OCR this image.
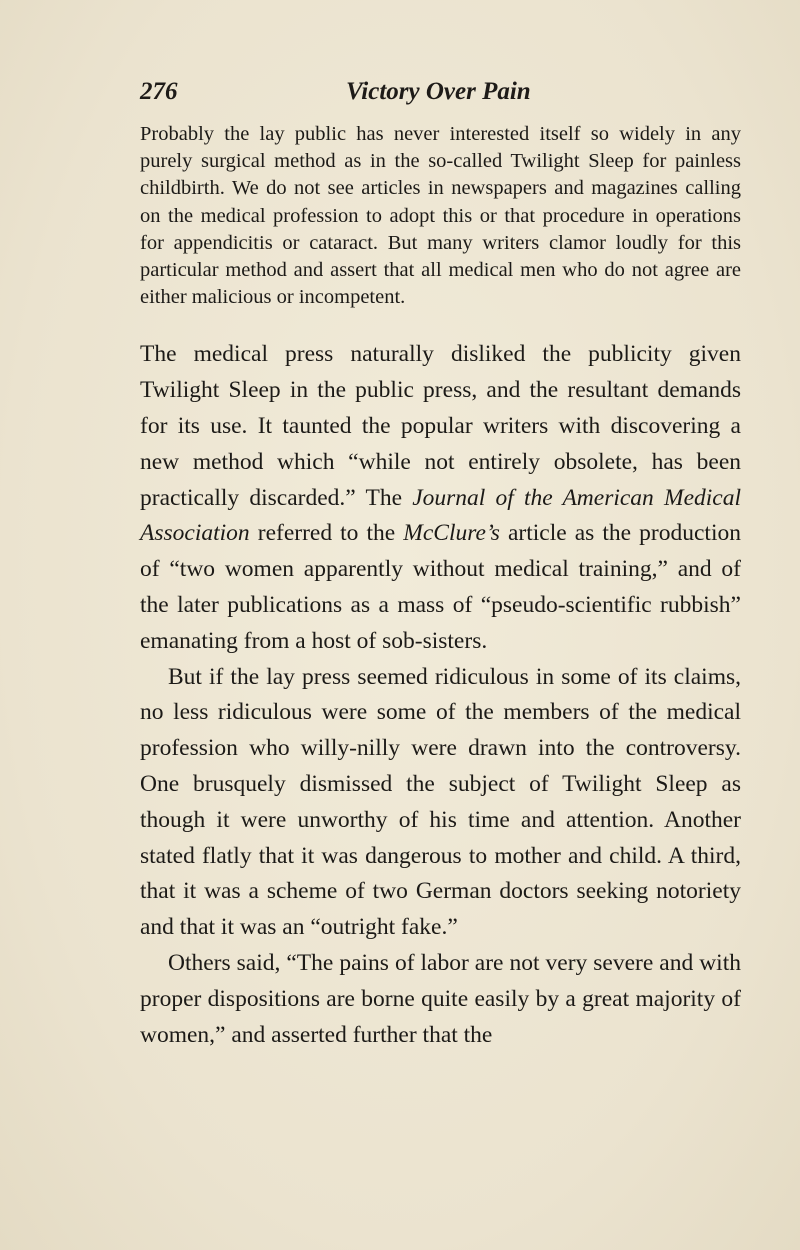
276	Victory Over Pain

Probably the lay public has never interested itself so widely in any purely surgical method as in the so-called Twilight Sleep for painless childbirth. We do not see articles in newspapers and magazines calling on the medical profession to adopt this or that procedure in operations for appendicitis or cataract. But many writers clamor loudly for this particular method and assert that all medical men who do not agree are either malicious or incompetent.

The medical press naturally disliked the publicity given Twilight Sleep in the public press, and the resultant demands for its use. It taunted the popular writers with discovering a new method which “while not entirely obsolete, has been practically discarded.” The Journal of the American Medical Association referred to the McClure’s article as the production of “two women apparently without medical training,” and of the later publications as a mass of “pseudo-scientific rubbish” emanating from a host of sob-sisters.

But if the lay press seemed ridiculous in some of its claims, no less ridiculous were some of the members of the medical profession who willy-nilly were drawn into the controversy. One brusquely dismissed the subject of Twilight Sleep as though it were unworthy of his time and attention. Another stated flatly that it was dangerous to mother and child. A third, that it was a scheme of two German doctors seeking notoriety and that it was an “outright fake.”

Others said, “The pains of labor are not very severe and with proper dispositions are borne quite easily by a great majority of women,” and asserted further that the
